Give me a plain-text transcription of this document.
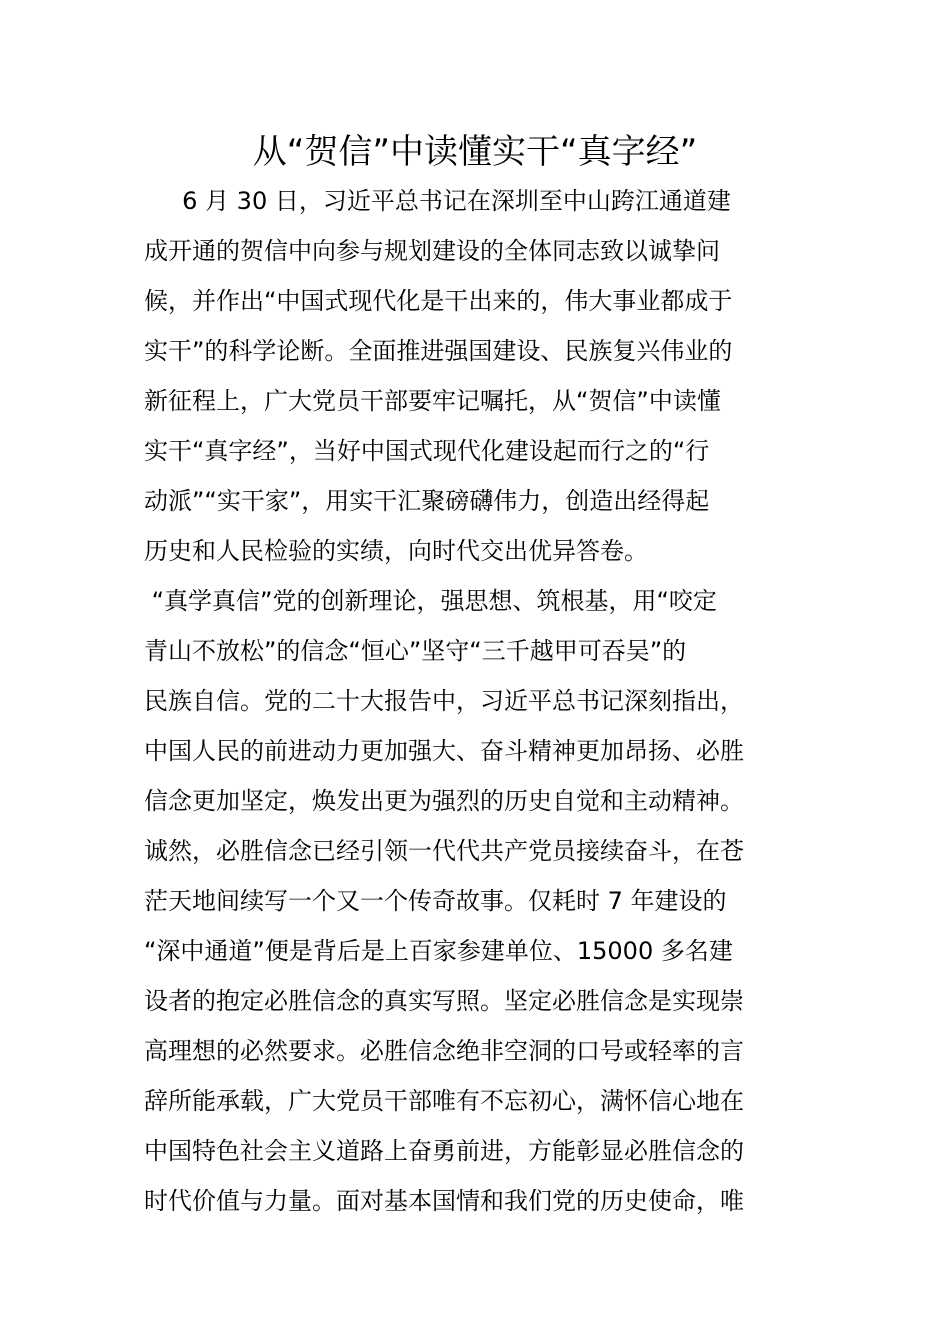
从“贺信”中读懂实干“真字经”
6 月 30 日，习近平总书记在深圳至中山跨江通道建
成开通的贺信中向参与规划建设的全体同志致以诚挚问
候，并作出“中国式现代化是干出来的，伟大事业都成于
实干”的科学论断。全面推进强国建设、民族复兴伟业的
新征程上，广大党员干部要牢记嘱托，从“贺信”中读懂
实干“真字经”，当好中国式现代化建设起而行之的“行
动派”“实干家”，用实干汇聚磅礴伟力，创造出经得起
历史和人民检验的实绩，向时代交出优异答卷。
“真学真信”党的创新理论，强思想、筑根基，用“咬定
青山不放松”的信念“恒心”坚守“三千越甲可吞吴”的
民族自信。党的二十大报告中，习近平总书记深刻指出，
中国人民的前进动力更加强大、奋斗精神更加昂扬、必胜
信念更加坚定，焕发出更为强烈的历史自觉和主动精神。
诚然，必胜信念已经引领一代代共产党员接续奋斗，在苍
茫天地间续写一个又一个传奇故事。仅耗时 7 年建设的
“深中通道”便是背后是上百家参建单位、15000 多名建
设者的抱定必胜信念的真实写照。坚定必胜信念是实现崇
高理想的必然要求。必胜信念绝非空洞的口号或轻率的言
辞所能承载，广大党员干部唯有不忘初心，满怀信心地在
中国特色社会主义道路上奋勇前进，方能彰显必胜信念的
时代价值与力量。面对基本国情和我们党的历史使命，唯
